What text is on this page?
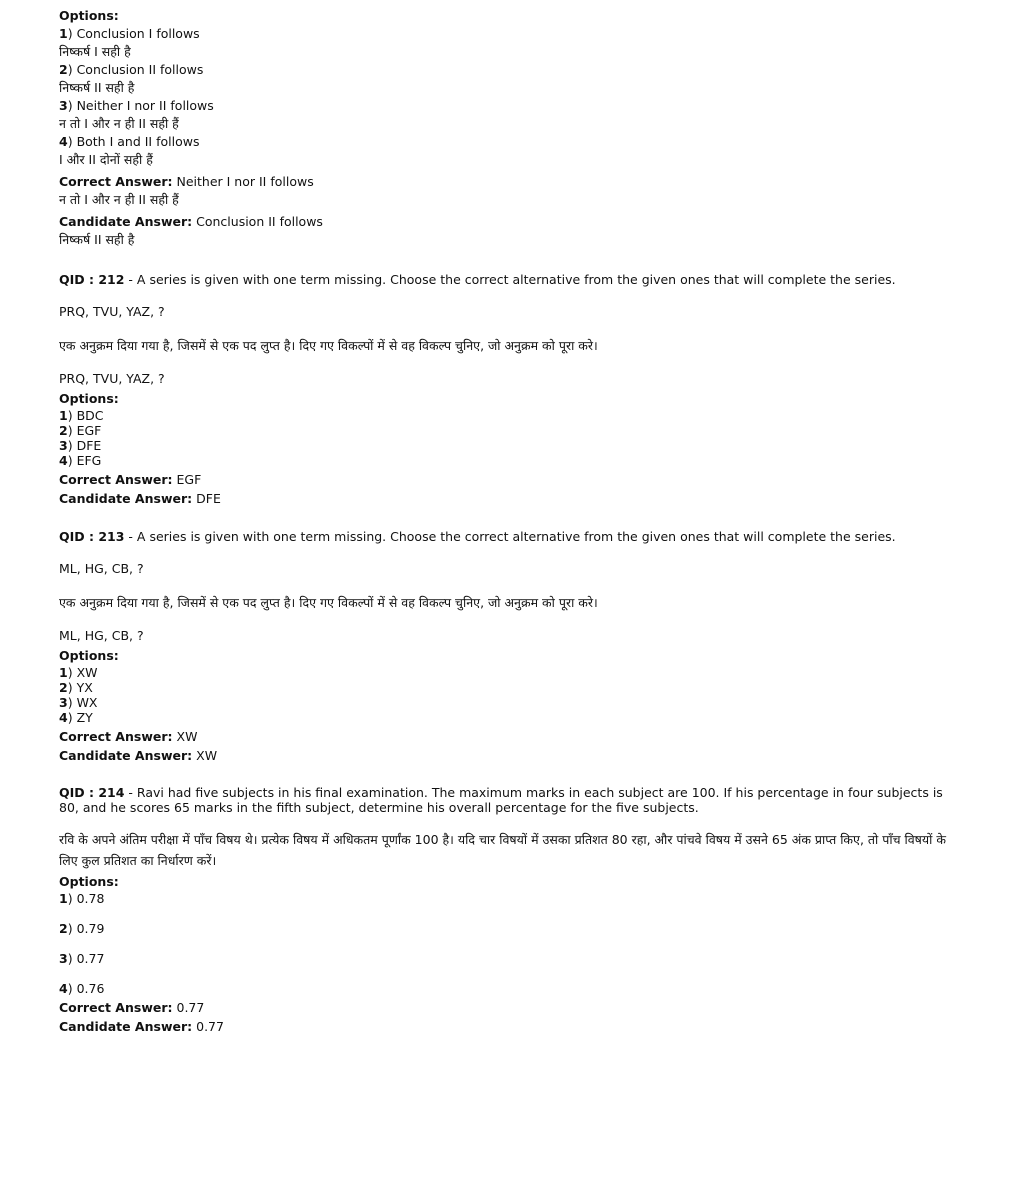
Options:
1) Conclusion I follows
निष्कर्ष I सही है
2) Conclusion II follows
निष्कर्ष II सही है
3) Neither I nor II follows
न तो I और न ही II सही हैं
4) Both I and II follows
I और II दोनों सही हैं
Correct Answer: Neither I nor II follows
न तो I और न ही II सही हैं
Candidate Answer: Conclusion II follows
निष्कर्ष II सही है
QID : 212 - A series is given with one term missing. Choose the correct alternative from the given ones that will complete the series.
PRQ, TVU, YAZ, ?
एक अनुक्रम दिया गया है, जिसमें से एक पद लुप्त है। दिए गए विकल्पों में से वह विकल्प चुनिए, जो अनुक्रम को पूरा करे।
PRQ, TVU, YAZ, ?
Options:
1) BDC
2) EGF
3) DFE
4) EFG
Correct Answer: EGF
Candidate Answer: DFE
QID : 213 - A series is given with one term missing. Choose the correct alternative from the given ones that will complete the series.
ML, HG, CB, ?
एक अनुक्रम दिया गया है, जिसमें से एक पद लुप्त है। दिए गए विकल्पों में से वह विकल्प चुनिए, जो अनुक्रम को पूरा करे।
ML, HG, CB, ?
Options:
1) XW
2) YX
3) WX
4) ZY
Correct Answer: XW
Candidate Answer: XW
QID : 214 - Ravi had five subjects in his final examination. The maximum marks in each subject are 100. If his percentage in four subjects is 80, and he scores 65 marks in the fifth subject, determine his overall percentage for the five subjects.
रवि के अपने अंतिम परीक्षा में पाँच विषय थे। प्रत्येक विषय में अधिकतम पूर्णांक 100 है। यदि चार विषयों में उसका प्रतिशत 80 रहा, और पांचवे विषय में उसने 65 अंक प्राप्त किए, तो पाँच विषयों के लिए कुल प्रतिशत का निर्धारण करें।
Options:
1) 0.78
2) 0.79
3) 0.77
4) 0.76
Correct Answer: 0.77
Candidate Answer: 0.77
